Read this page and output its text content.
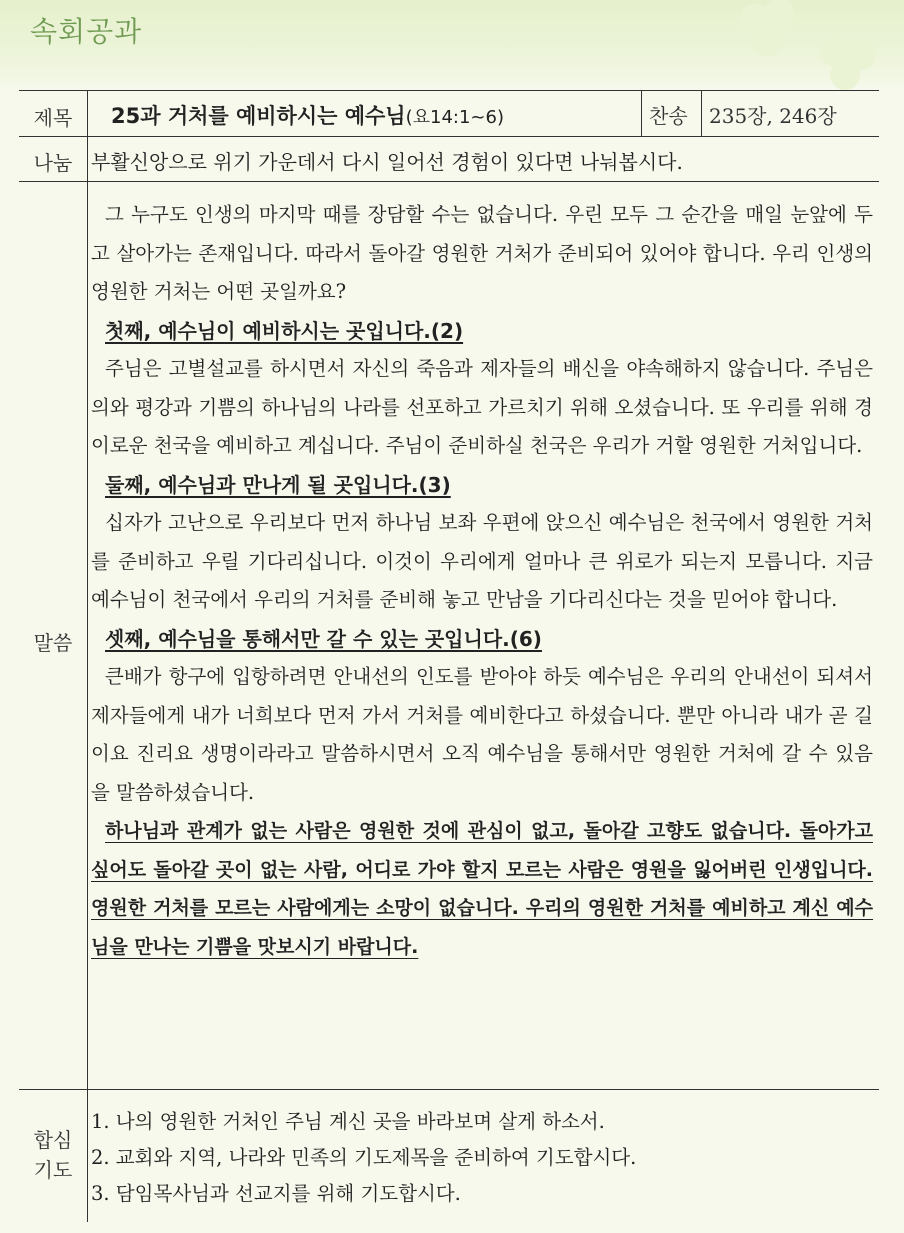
속회공과
제목	25과 거처를 예비하시는 예수님(요14:1~6)	찬송 235장, 246장
나눔 부활신앙으로 위기 가운데서 다시 일어선 경험이 있다면 나눠봅시다.
말씀

그 누구도 인생의 마지막 때를 장담할 수는 없습니다. 우린 모두 그 순간을 매일 눈앞에 두고 살아가는 존재입니다. 따라서 돌아갈 영원한 거처가 준비되어 있어야 합니다. 우리 인생의 영원한 거처는 어떤 곳일까요?

첫째, 예수님이 예비하시는 곳입니다.(2)

주님은 고별설교를 하시면서 자신의 죽음과 제자들의 배신을 야속해하지 않습니다. 주님은 의와 평강과 기쁨의 하나님의 나라를 선포하고 가르치기 위해 오셨습니다. 또 우리를 위해 경이로운 천국을 예비하고 계십니다. 주님이 준비하실 천국은 우리가 거할 영원한 거처입니다.

둘째, 예수님과 만나게 될 곳입니다.(3)

십자가 고난으로 우리보다 먼저 하나님 보좌 우편에 앉으신 예수님은 천국에서 영원한 거처를 준비하고 우릴 기다리십니다. 이것이 우리에게 얼마나 큰 위로가 되는지 모릅니다. 지금 예수님이 천국에서 우리의 거처를 준비해 놓고 만남을 기다리신다는 것을 믿어야 합니다.

셋째, 예수님을 통해서만 갈 수 있는 곳입니다.(6)

큰배가 항구에 입항하려면 안내선의 인도를 받아야 하듯 예수님은 우리의 안내선이 되셔서 제자들에게 내가 너희보다 먼저 가서 거처를 예비한다고 하셨습니다. 뿐만 아니라 내가 곧 길이요 진리요 생명이라라고 말씀하시면서 오직 예수님을 통해서만 영원한 거처에 갈 수 있음을 말씀하셨습니다.

하나님과 관계가 없는 사람은 영원한 것에 관심이 없고, 돌아갈 고향도 없습니다. 돌아가고 싶어도 돌아갈 곳이 없는 사람, 어디로 가야 할지 모르는 사람은 영원을 잃어버린 인생입니다. 영원한 거처를 모르는 사람에게는 소망이 없습니다. 우리의 영원한 거처를 예비하고 계신 예수님을 만나는 기쁨을 맛보시기 바랍니다.

합심
기도
1. 나의 영원한 거처인 주님 계신 곳을 바라보며 살게 하소서.
2. 교회와 지역, 나라와 민족의 기도제목을 준비하여 기도합시다.
3. 담임목사님과 선교지를 위해 기도합시다.
